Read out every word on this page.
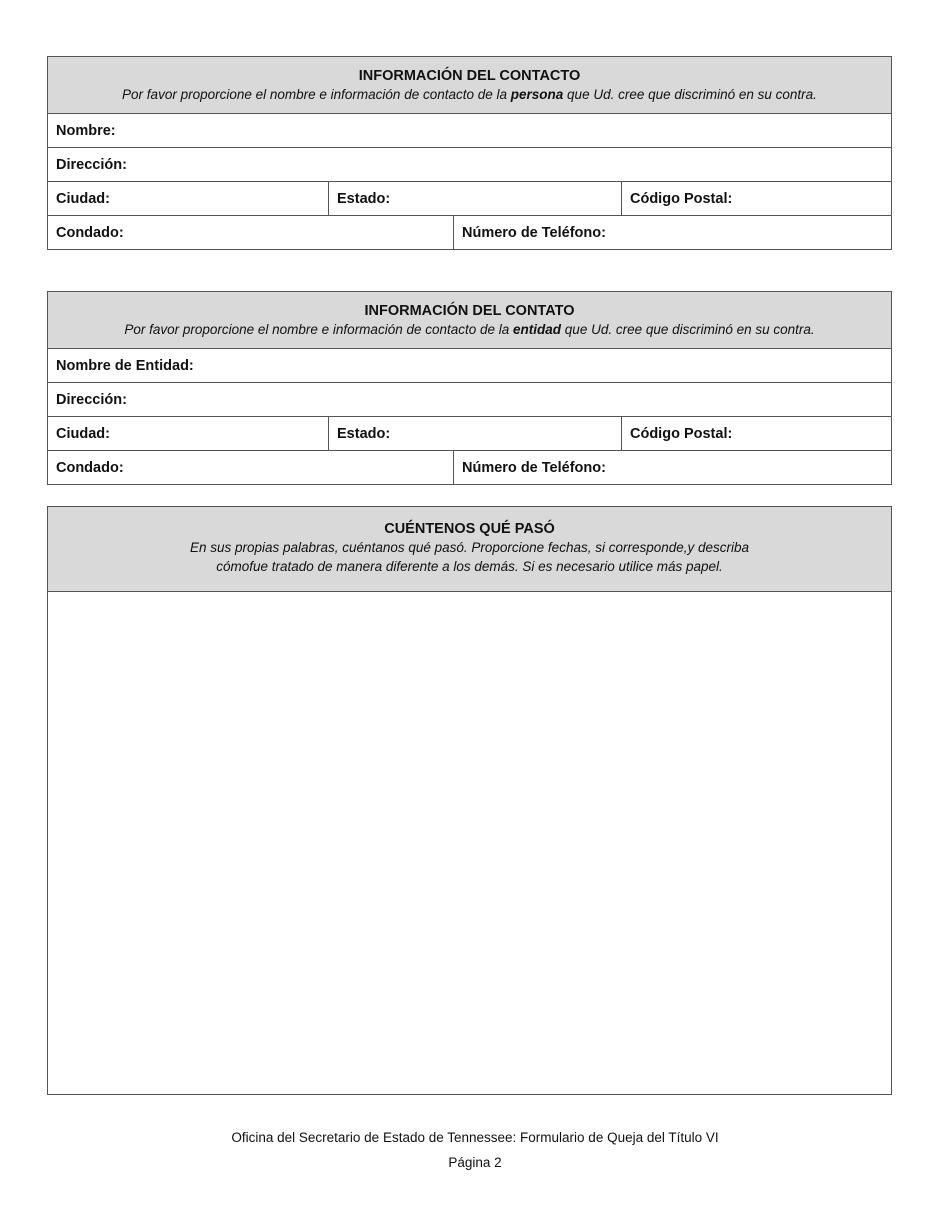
INFORMACIÓN DEL CONTACTO
Por favor proporcione el nombre e información de contacto de la persona que Ud. cree que discriminó en su contra.
Nombre:
Dirección:
Ciudad:	Estado:	Código Postal:
Condado:	Número de Teléfono:
INFORMACIÓN DEL CONTATO
Por favor proporcione el nombre e información de contacto de la entidad que Ud. cree que discriminó en su contra.
Nombre de Entidad:
Dirección:
Ciudad:	Estado:	Código Postal:
Condado:	Número de Teléfono:
CUÉNTENOS QUÉ PASÓ
En sus propias palabras, cuéntanos qué pasó. Proporcione fechas, si corresponde,y describa
cómofue tratado de manera diferente a los demás. Si es necesario utilice más papel.
Oficina del Secretario de Estado de Tennessee: Formulario de Queja del Título VI
Página 2
